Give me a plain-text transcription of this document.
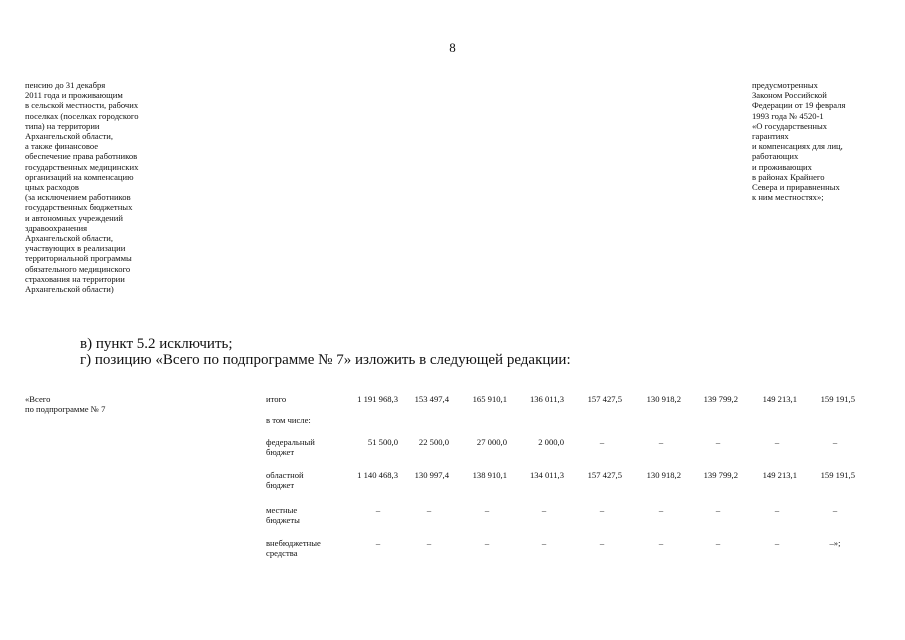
8
пенсию до 31 декабря
2011 года и проживающим
в сельской местности, рабочих
поселках (поселках городского
типа) на территории
Архангельской области,
а также финансовое
обеспечение права работников
государственных медицинских
организаций на компенсацию
цных расходов
(за исключением работников
государственных бюджетных
и автономных учреждений
здравоохранения
Архангельской области,
участвующих в реализации
территориальной программы
обязательного медицинского
страхования на территории
Архангельской области)
предусмотренных
Законом Российской
Федерации от 19 февраля
1993 года № 4520-1
«О государственных
гарантиях
и компенсациях для лиц,
работающих
и проживающих
в районах Крайнего
Севера и приравненных
к ним местностях»;
в) пункт 5.2 исключить;
г) позицию «Всего по подпрограмме № 7» изложить в следующей редакции:
«Всего
по подпрограмме № 7
итого	1 191 968,3	153 497,4	165 910,1	136 011,3	157 427,5	130 918,2	139 799,2	149 213,1	159 191,5
в том числе:
федеральный
бюджет
51 500,0	22 500,0	27 000,0	2 000,0	–	–	–	–	–
областной
бюджет
1 140 468,3	130 997,4	138 910,1	134 011,3	157 427,5	130 918,2	139 799,2	149 213,1	159 191,5
местные
бюджеты
–	–	–	–	–	–	–	–	–
внебюджетные
средства
–	–	–	–	–	–	–	–	–»;
